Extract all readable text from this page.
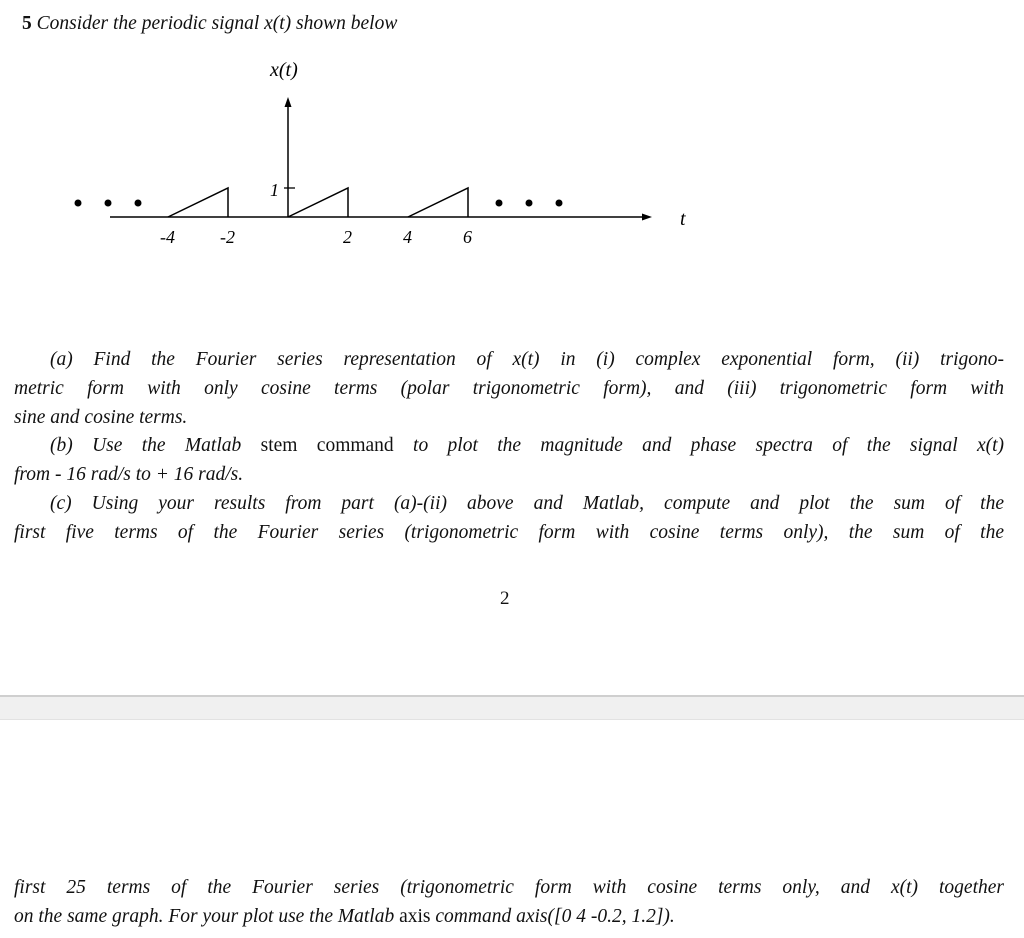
5 Consider the periodic signal x(t) shown below
x(t)
1
t
-4	-2	2	4	6
(a) Find the Fourier series representation of x(t) in (i) complex exponential form, (ii) trigono-
metric form with only cosine terms (polar trigonometric form), and (iii) trigonometric form with
sine and cosine terms.
(b) Use the Matlab stem command to plot the magnitude and phase spectra of the signal x(t)
from - 16 rad/s to + 16 rad/s.
(c) Using your results from part (a)-(ii) above and Matlab, compute and plot the sum of the
first five terms of the Fourier series (trigonometric form with cosine terms only), the sum of the
2
first 25 terms of the Fourier series (trigonometric form with cosine terms only, and x(t) together
on the same graph. For your plot use the Matlab axis command axis([0 4 -0.2, 1.2]).
